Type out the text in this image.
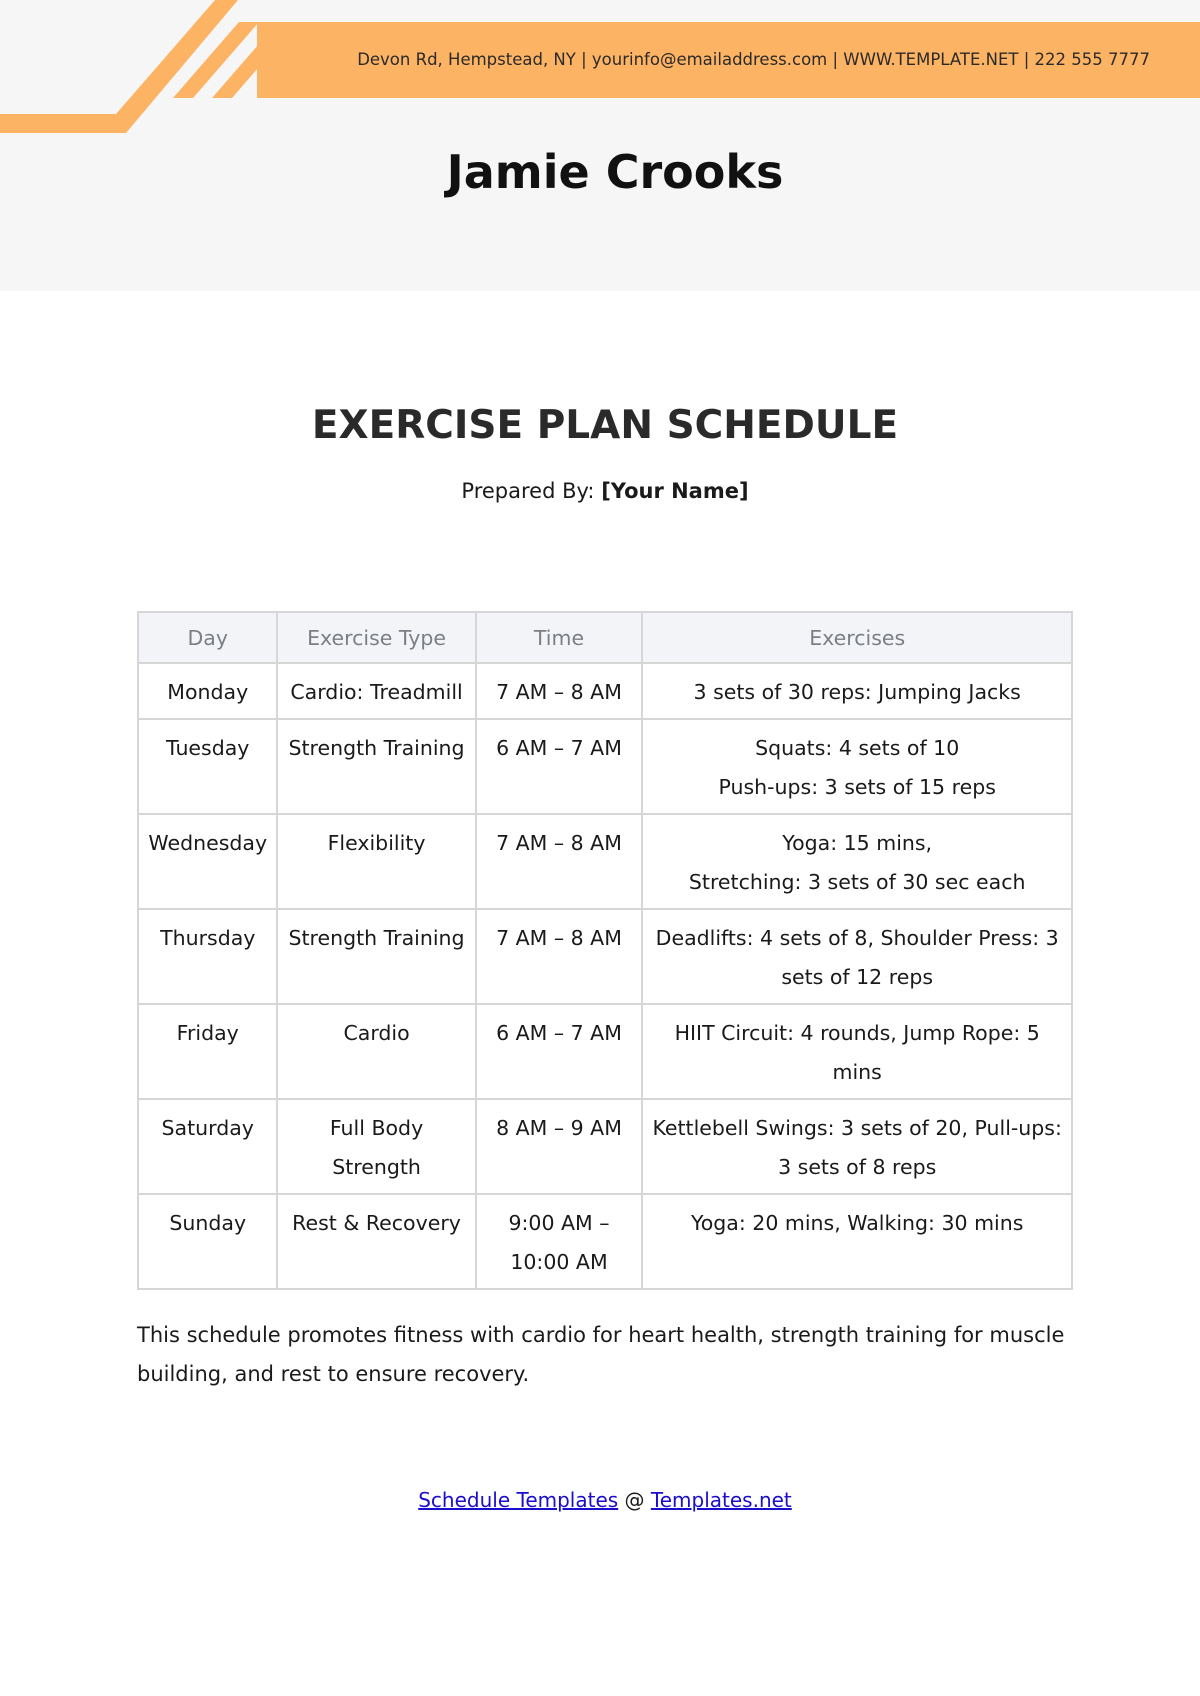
Devon Rd, Hempstead, NY | yourinfo@emailaddress.com | WWW.TEMPLATE.NET | 222 555 7777
Jamie Crooks
EXERCISE PLAN SCHEDULE
Prepared By: [Your Name]
Day	Exercise Type	Time	Exercises
Monday	Cardio: Treadmill	7 AM – 8 AM	3 sets of 30 reps: Jumping Jacks
Tuesday	Strength Training	6 AM – 7 AM	Squats: 4 sets of 10
Push-ups: 3 sets of 15 reps

Wednesday	Flexibility	7 AM – 8 AM	Yoga: 15 mins,
Stretching: 3 sets of 30 sec each

Thursday	Strength Training	7 AM – 8 AM	Deadlifts: 4 sets of 8, Shoulder Press: 3 sets of 12 reps
Friday	Cardio	6 AM – 7 AM	HIIT Circuit: 4 rounds, Jump Rope: 5 mins
Saturday	Full Body Strength	8 AM – 9 AM	Kettlebell Swings: 3 sets of 20, Pull-ups: 3 sets of 8 reps
Sunday	Rest & Recovery	9:00 AM – 10:00 AM	Yoga: 20 mins, Walking: 30 mins
This schedule promotes fitness with cardio for heart health, strength training for muscle building, and rest to ensure recovery.
Schedule Templates @ Templates.net
